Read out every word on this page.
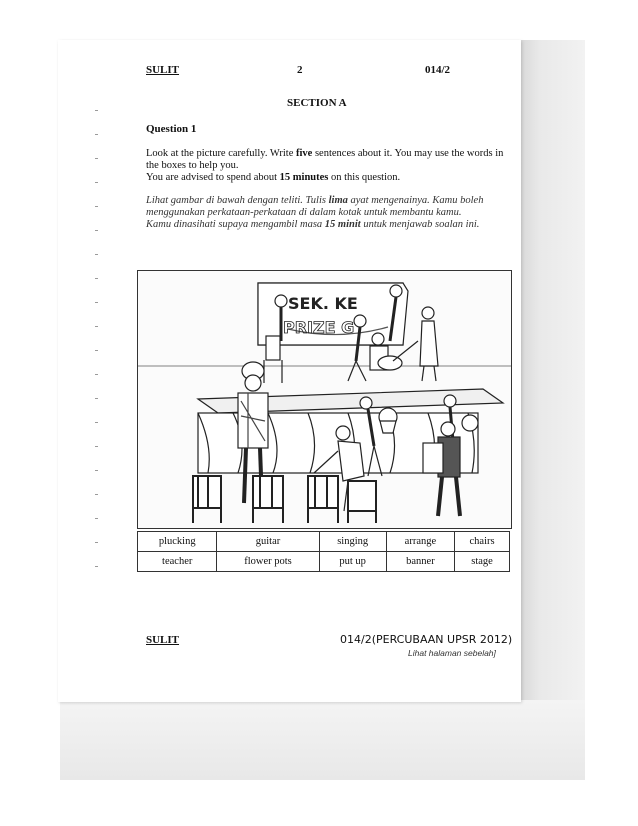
SULIT	2	014/2
SECTION A
Question 1
Look at the picture carefully. Write five sentences about it. You may use the words in the boxes to help you.
You are advised to spend about 15 minutes on this question.
Lihat gambar di bawah dengan teliti. Tulis lima ayat mengenainya. Kamu boleh menggunakan perkataan-perkataan di dalam kotak untuk membantu kamu.
Kamu dinasihati supaya mengambil masa 15 minit untuk menjawab soalan ini.
SEK. KE
PRIZE G
plucking	guitar	singing	arrange	chairs
teacher	flower pots	put up	banner	stage
SULIT	014/2(PERCUBAAN UPSR 2012)
Lihat halaman sebelah]
